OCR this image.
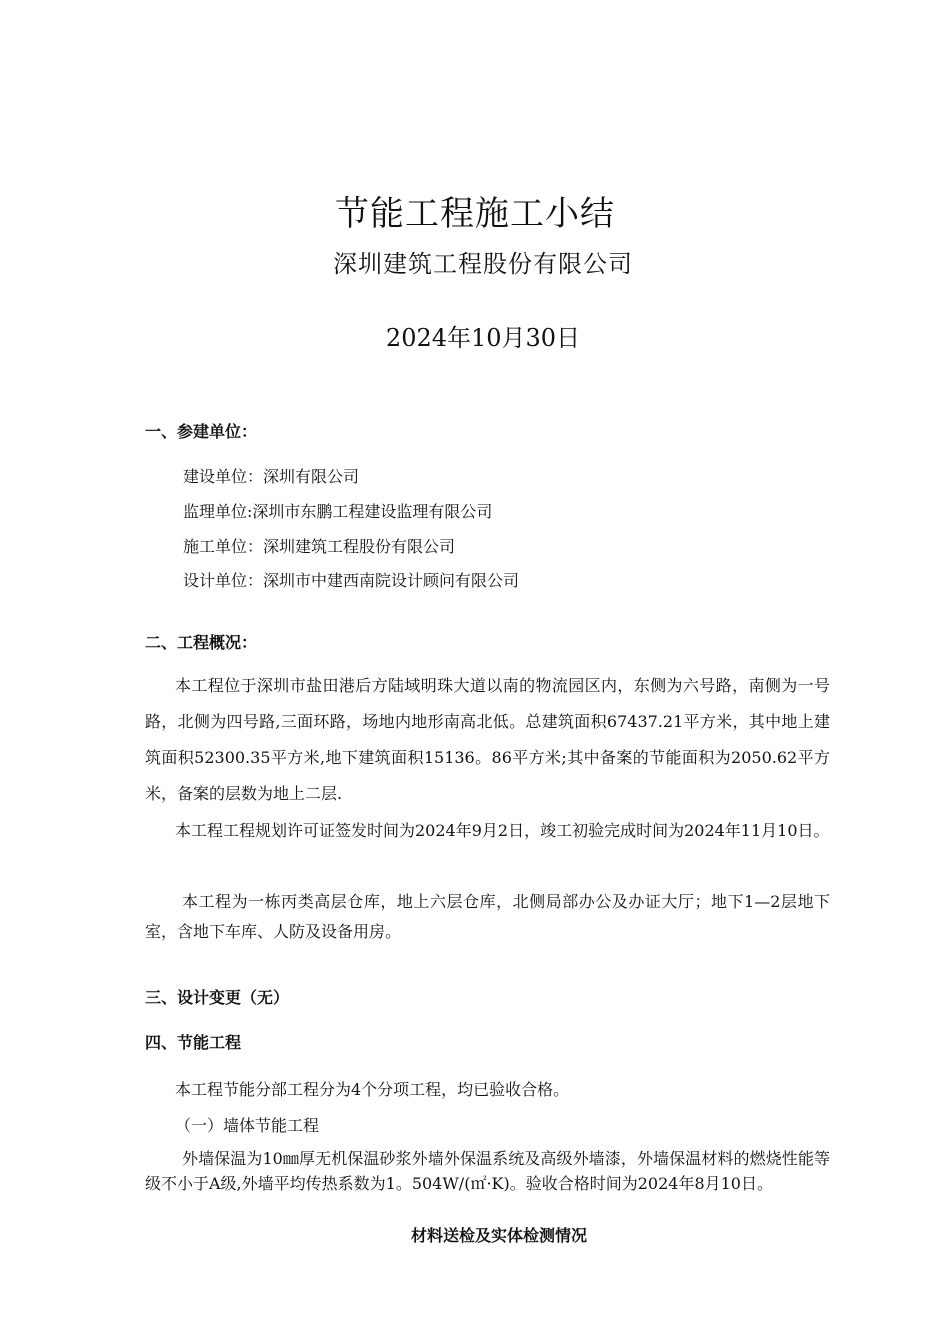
节能工程施工小结
深圳建筑工程股份有限公司
2024年10月30日
一、参建单位：
建设单位：深圳有限公司
监理单位:深圳市东鹏工程建设监理有限公司
施工单位：深圳建筑工程股份有限公司
设计单位：深圳市中建西南院设计顾问有限公司
二、工程概况：
本工程位于深圳市盐田港后方陆域明珠大道以南的物流园区内，东侧为六号路，南侧为一号路，北侧为四号路,三面环路，场地内地形南高北低。总建筑面积67437.21平方米，其中地上建筑面积52300.35平方米,地下建筑面积15136。86平方米;其中备案的节能面积为2050.62平方米，备案的层数为地上二层.
本工程工程规划许可证签发时间为2024年9月2日，竣工初验完成时间为2024年11月10日。
本工程为一栋丙类高层仓库，地上六层仓库，北侧局部办公及办证大厅；地下1—2层地下室，含地下车库、人防及设备用房。
三、设计变更（无）
四、节能工程
本工程节能分部工程分为4个分项工程，均已验收合格。
（一）墙体节能工程
外墙保温为10㎜厚无机保温砂浆外墙外保温系统及高级外墙漆，外墙保温材料的燃烧性能等级不小于A级,外墙平均传热系数为1。504W/(㎡·K)。验收合格时间为2024年8月10日。
材料送检及实体检测情况
